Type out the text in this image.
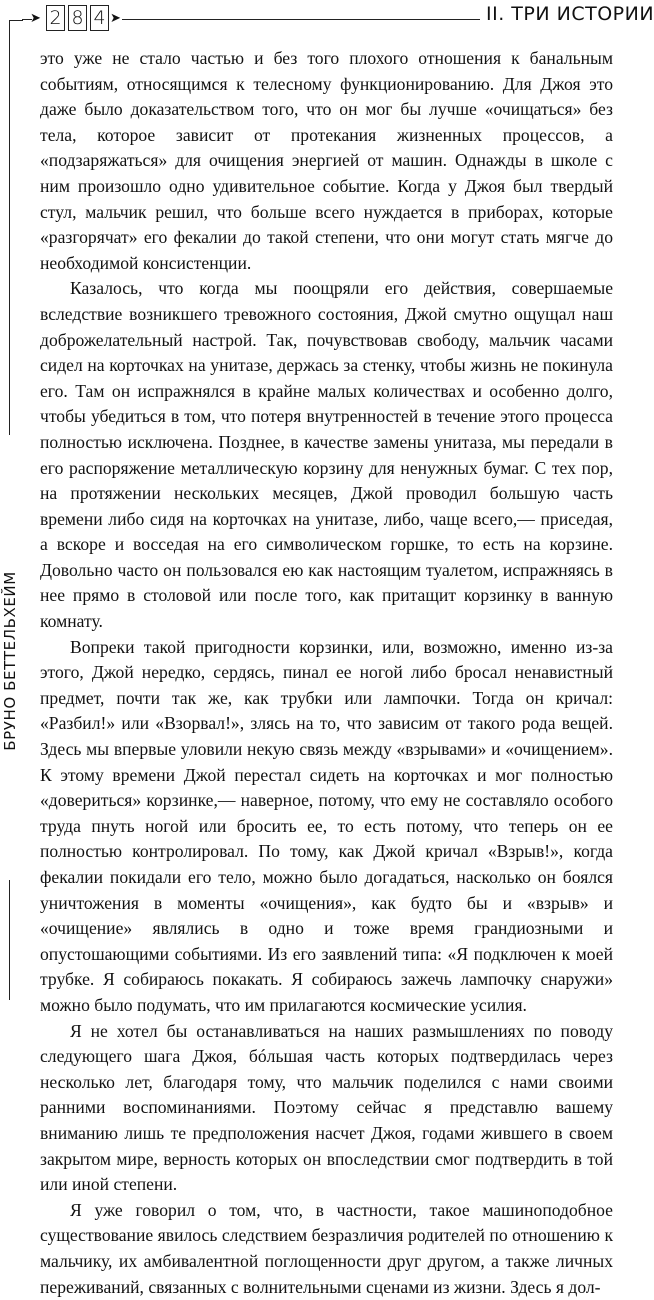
➤ 2 8 4 ➤	II. ТРИ ИСТОРИИ
БРУНО БЕТТЕЛЬХЕЙМ

это уже не стало частью и без того плохого отношения к банальным событиям, относящимся к телесному функционированию. Для Джоя это даже было доказательством того, что он мог бы лучше «очищаться» без тела, которое зависит от протекания жизненных процессов, а «подзаряжаться» для очищения энергией от машин. Однажды в школе с ним произошло одно удивительное событие. Когда у Джоя был твердый стул, мальчик решил, что больше всего нуждается в приборах, которые «разгорячат» его фекалии до такой степени, что они могут стать мягче до необходимой консистенции.

Казалось, что когда мы поощряли его действия, совершаемые вследствие возникшего тревожного состояния, Джой смутно ощущал наш доброжелательный настрой. Так, почувствовав свободу, мальчик часами сидел на корточках на унитазе, держась за стенку, чтобы жизнь не покинула его. Там он испражнялся в крайне малых количествах и особенно долго, чтобы убедиться в том, что потеря внутренностей в течение этого процесса полностью исключена. Позднее, в качестве замены унитаза, мы передали в его распоряжение металлическую корзину для ненужных бумаг. С тех пор, на протяжении нескольких месяцев, Джой проводил большую часть времени либо сидя на корточках на унитазе, либо, чаще всего,— приседая, а вскоре и восседая на его символическом горшке, то есть на корзине. Довольно часто он пользовался ею как настоящим туалетом, испражняясь в нее прямо в столовой или после того, как притащит корзинку в ванную комнату.

Вопреки такой пригодности корзинки, или, возможно, именно из-за этого, Джой нередко, сердясь, пинал ее ногой либо бросал ненавистный предмет, почти так же, как трубки или лампочки. Тогда он кричал: «Разбил!» или «Взорвал!», злясь на то, что зависим от такого рода вещей. Здесь мы впервые уловили некую связь между «взрывами» и «очищением». К этому времени Джой перестал сидеть на корточках и мог полностью «довериться» корзинке,— наверное, потому, что ему не составляло особого труда пнуть ногой или бросить ее, то есть потому, что теперь он ее полностью контролировал. По тому, как Джой кричал «Взрыв!», когда фекалии покидали его тело, можно было догадаться, насколько он боялся уничтожения в моменты «очищения», как будто бы и «взрыв» и «очищение» являлись в одно и тоже время грандиозными и опустошающими событиями. Из его заявлений типа: «Я подключен к моей трубке. Я собираюсь покакать. Я собираюсь зажечь лампочку снаружи» можно было подумать, что им прилагаются космические усилия.

Я не хотел бы останавливаться на наших размышлениях по поводу следующего шага Джоя, бóльшая часть которых подтвердилась через несколько лет, благодаря тому, что мальчик поделился с нами своими ранними воспоминаниями. Поэтому сейчас я представлю вашему вниманию лишь те предположения насчет Джоя, годами жившего в своем закрытом мире, верность которых он впоследствии смог подтвердить в той или иной степени.

Я уже говорил о том, что, в частности, такое машиноподобное существование явилось следствием безразличия родителей по отношению к мальчику, их амбивалентной поглощенности друг другом, а также личных переживаний, связанных с волнительными сценами из жизни. Здесь я дол-
